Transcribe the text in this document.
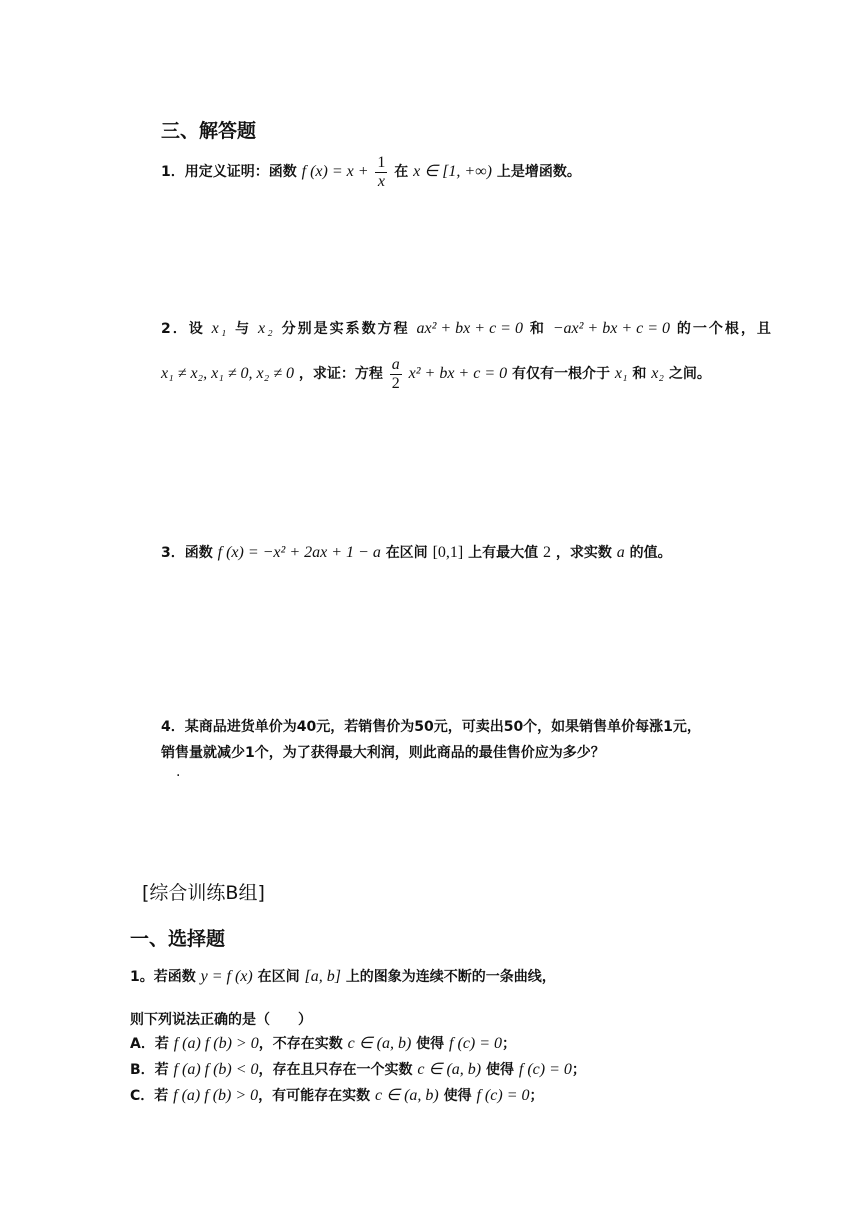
三、解答题
1．用定义证明：函数 f $(x) = x + \frac{1}{x}$ 在 x ∈ [1, +∞) 上是增函数。
2．设 x₁ 与 x₂ 分别是实系数方程 ax² + bx + c = 0 和 −ax² + bx + c = 0 的一个根，且
x₁ ≠ x₂, x₁ ≠ 0, x₂ ≠ 0 ，求证：方程 $\frac{a}{2} x^2$ + bx + c = 0 有仅有一根介于 x₁ 和 x₂ 之间。
3．函数 f (x) = −x² + 2ax + 1 − a 在区间 [0,1] 上有最大值 2 ，求实数 a 的值。
4．某商品进货单价为40元，若销售价为50元，可卖出50个，如果销售单价每涨1元，
销售量就减少1个，为了获得最大利润，则此商品的最佳售价应为多少？
.
[综合训练B组]
一、选择题
1。若函数 y = f (x) 在区间 [a, b] 上的图象为连续不断的一条曲线，
则下列说法正确的是（　　）
A．若 f (a) f (b) > 0，不存在实数 c ∈ (a, b) 使得 f (c) = 0；
B．若 f (a) f (b) < 0，存在且只存在一个实数 c ∈ (a, b) 使得 f (c) = 0；
C．若 f (a) f (b) > 0，有可能存在实数 c ∈ (a, b) 使得 f (c) = 0；
